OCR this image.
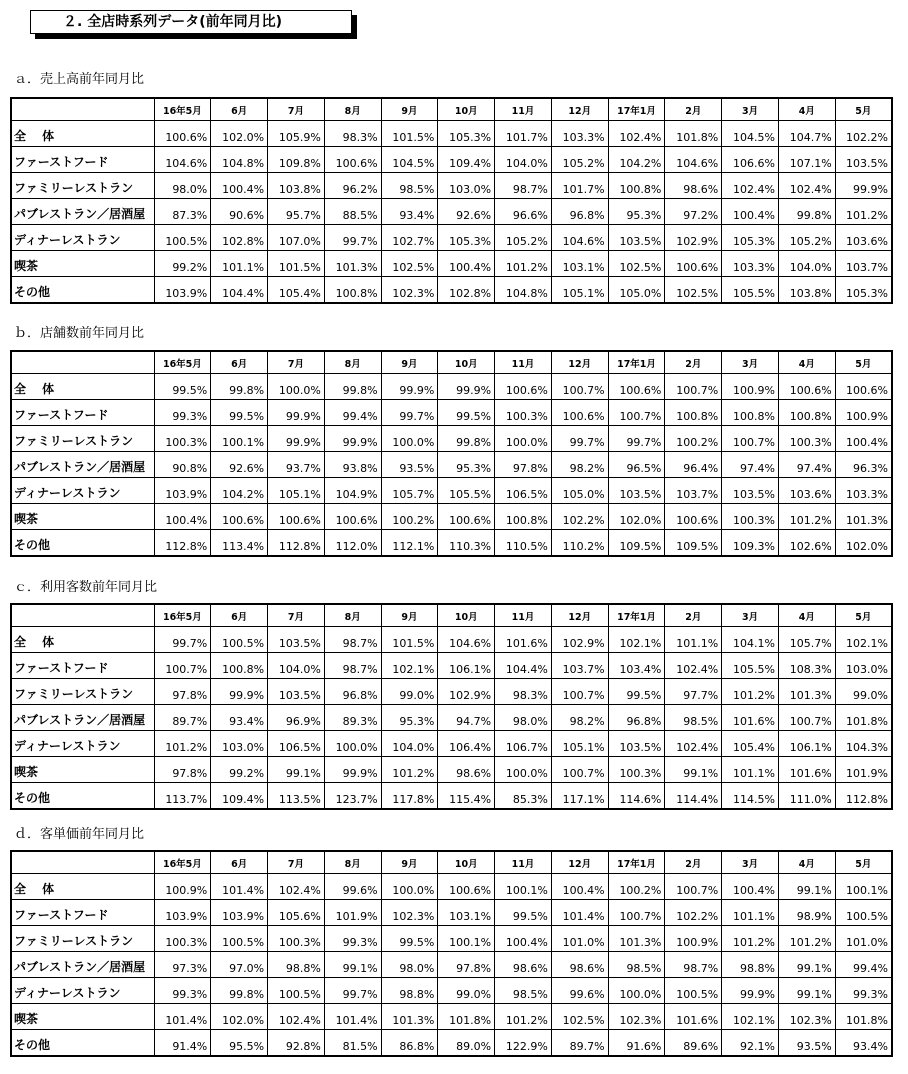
２. 全店時系列データ(前年同月比)
ａ．売上高前年同月比
	16年5月	6月	7月	8月	9月	10月	11月	12月	17年1月	2月	3月	4月	5月
全　 体	100.6%	102.0%	105.9%	98.3%	101.5%	105.3%	101.7%	103.3%	102.4%	101.8%	104.5%	104.7%	102.2%
ファーストフード	104.6%	104.8%	109.8%	100.6%	104.5%	109.4%	104.0%	105.2%	104.2%	104.6%	106.6%	107.1%	103.5%
ファミリーレストラン	98.0%	100.4%	103.8%	96.2%	98.5%	103.0%	98.7%	101.7%	100.8%	98.6%	102.4%	102.4%	99.9%
パブレストラン／居酒屋	87.3%	90.6%	95.7%	88.5%	93.4%	92.6%	96.6%	96.8%	95.3%	97.2%	100.4%	99.8%	101.2%
ディナーレストラン	100.5%	102.8%	107.0%	99.7%	102.7%	105.3%	105.2%	104.6%	103.5%	102.9%	105.3%	105.2%	103.6%
喫茶	99.2%	101.1%	101.5%	101.3%	102.5%	100.4%	101.2%	103.1%	102.5%	100.6%	103.3%	104.0%	103.7%
その他	103.9%	104.4%	105.4%	100.8%	102.3%	102.8%	104.8%	105.1%	105.0%	102.5%	105.5%	103.8%	105.3%
ｂ．店舗数前年同月比
	16年5月	6月	7月	8月	9月	10月	11月	12月	17年1月	2月	3月	4月	5月
全　 体	99.5%	99.8%	100.0%	99.8%	99.9%	99.9%	100.6%	100.7%	100.6%	100.7%	100.9%	100.6%	100.6%
ファーストフード	99.3%	99.5%	99.9%	99.4%	99.7%	99.5%	100.3%	100.6%	100.7%	100.8%	100.8%	100.8%	100.9%
ファミリーレストラン	100.3%	100.1%	99.9%	99.9%	100.0%	99.8%	100.0%	99.7%	99.7%	100.2%	100.7%	100.3%	100.4%
パブレストラン／居酒屋	90.8%	92.6%	93.7%	93.8%	93.5%	95.3%	97.8%	98.2%	96.5%	96.4%	97.4%	97.4%	96.3%
ディナーレストラン	103.9%	104.2%	105.1%	104.9%	105.7%	105.5%	106.5%	105.0%	103.5%	103.7%	103.5%	103.6%	103.3%
喫茶	100.4%	100.6%	100.6%	100.6%	100.2%	100.6%	100.8%	102.2%	102.0%	100.6%	100.3%	101.2%	101.3%
その他	112.8%	113.4%	112.8%	112.0%	112.1%	110.3%	110.5%	110.2%	109.5%	109.5%	109.3%	102.6%	102.0%
ｃ．利用客数前年同月比
	16年5月	6月	7月	8月	9月	10月	11月	12月	17年1月	2月	3月	4月	5月
全　 体	99.7%	100.5%	103.5%	98.7%	101.5%	104.6%	101.6%	102.9%	102.1%	101.1%	104.1%	105.7%	102.1%
ファーストフード	100.7%	100.8%	104.0%	98.7%	102.1%	106.1%	104.4%	103.7%	103.4%	102.4%	105.5%	108.3%	103.0%
ファミリーレストラン	97.8%	99.9%	103.5%	96.8%	99.0%	102.9%	98.3%	100.7%	99.5%	97.7%	101.2%	101.3%	99.0%
パブレストラン／居酒屋	89.7%	93.4%	96.9%	89.3%	95.3%	94.7%	98.0%	98.2%	96.8%	98.5%	101.6%	100.7%	101.8%
ディナーレストラン	101.2%	103.0%	106.5%	100.0%	104.0%	106.4%	106.7%	105.1%	103.5%	102.4%	105.4%	106.1%	104.3%
喫茶	97.8%	99.2%	99.1%	99.9%	101.2%	98.6%	100.0%	100.7%	100.3%	99.1%	101.1%	101.6%	101.9%
その他	113.7%	109.4%	113.5%	123.7%	117.8%	115.4%	85.3%	117.1%	114.6%	114.4%	114.5%	111.0%	112.8%
ｄ．客単価前年同月比
	16年5月	6月	7月	8月	9月	10月	11月	12月	17年1月	2月	3月	4月	5月
全　 体	100.9%	101.4%	102.4%	99.6%	100.0%	100.6%	100.1%	100.4%	100.2%	100.7%	100.4%	99.1%	100.1%
ファーストフード	103.9%	103.9%	105.6%	101.9%	102.3%	103.1%	99.5%	101.4%	100.7%	102.2%	101.1%	98.9%	100.5%
ファミリーレストラン	100.3%	100.5%	100.3%	99.3%	99.5%	100.1%	100.4%	101.0%	101.3%	100.9%	101.2%	101.2%	101.0%
パブレストラン／居酒屋	97.3%	97.0%	98.8%	99.1%	98.0%	97.8%	98.6%	98.6%	98.5%	98.7%	98.8%	99.1%	99.4%
ディナーレストラン	99.3%	99.8%	100.5%	99.7%	98.8%	99.0%	98.5%	99.6%	100.0%	100.5%	99.9%	99.1%	99.3%
喫茶	101.4%	102.0%	102.4%	101.4%	101.3%	101.8%	101.2%	102.5%	102.3%	101.6%	102.1%	102.3%	101.8%
その他	91.4%	95.5%	92.8%	81.5%	86.8%	89.0%	122.9%	89.7%	91.6%	89.6%	92.1%	93.5%	93.4%
